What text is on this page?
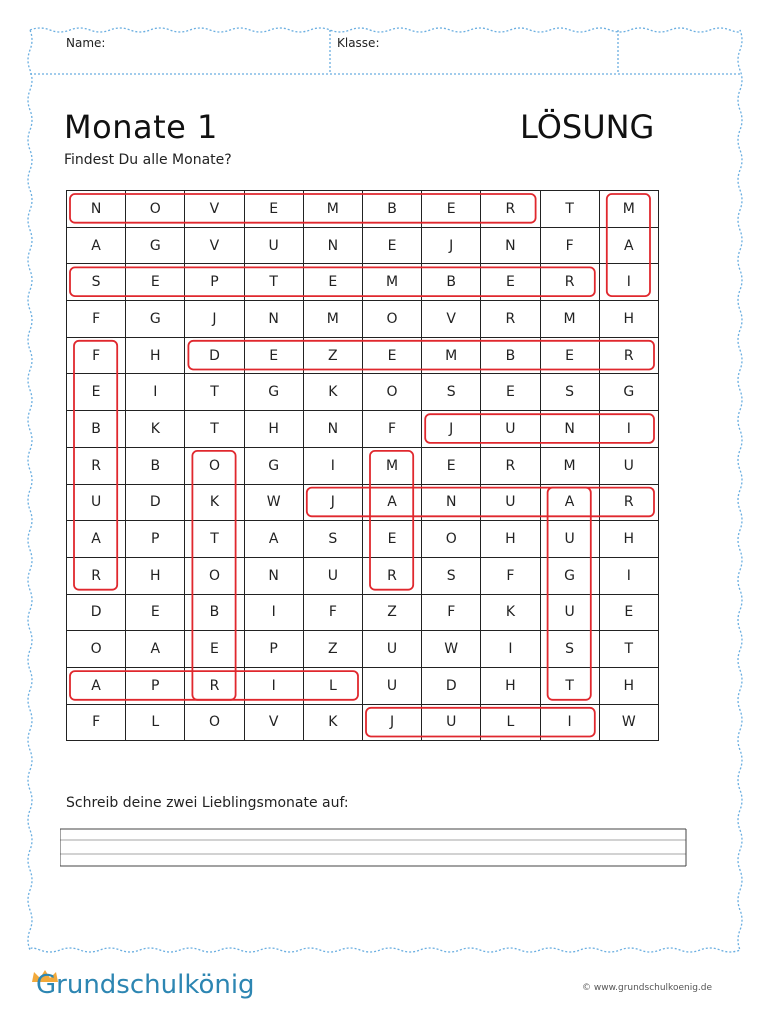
Name:	Klasse:
Monate 1	LÖSUNG
Findest Du alle Monate?
N	O	V	E	M	B	E	R	T	M
A	G	V	U	N	E	J	N	F	A
S	E	P	T	E	M	B	E	R	I
F	G	J	N	M	O	V	R	M	H
F	H	D	E	Z	E	M	B	E	R
E	I	T	G	K	O	S	E	S	G
B	K	T	H	N	F	J	U	N	I
R	B	O	G	I	M	E	R	M	U
U	D	K	W	J	A	N	U	A	R
A	P	T	A	S	E	O	H	U	H
R	H	O	N	U	R	S	F	G	I
D	E	B	I	F	Z	F	K	U	E
O	A	E	P	Z	U	W	I	S	T
A	P	R	I	L	U	D	H	T	H
F	L	O	V	K	J	U	L	I	W
Schreib deine zwei Lieblingsmonate auf:
Grundschulkönig	© www.grundschulkoenig.de
